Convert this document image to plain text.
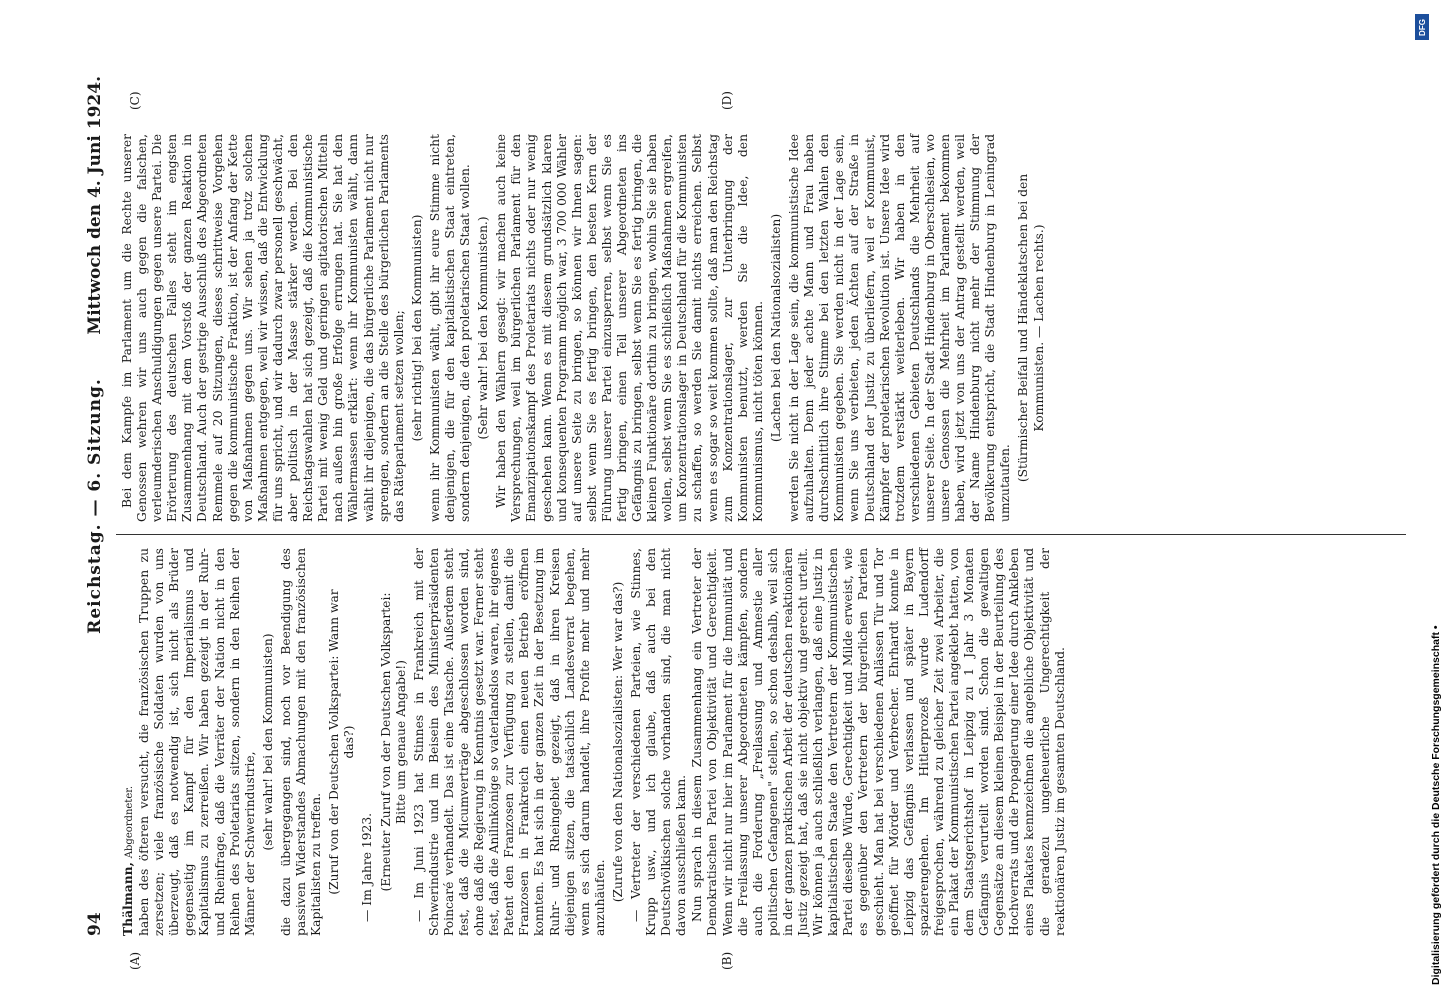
94
Reichstag. — 6. Sitzung.
Mittwoch den 4. Juni 1924.

Thälmann, Abgeordneter. haben des öfteren versucht, die französischen Truppen zu zersetzen; viele französische Soldaten wurden von uns überzeugt, daß es notwendig ist, sich nicht als Brüder gegenseitig im Kampf für den Imperialismus und Kapitalismus zu zerreißen. Wir haben gezeigt in der Ruhr- und Rheinfrage, daß die Verräter der Nation nicht in den Reihen des Proletariats sitzen, sondern in den Reihen der Männer der Schwerindustrie, (sehr wahr! bei den Kommunisten) die dazu übergegangen sind, noch vor Beendigung des passiven Widerstandes Abmachungen mit den französischen Kapitalisten zu treffen. (Zuruf von der Deutschen Volkspartei: Wann war das?)

— Im Jahre 1923. (Erneuter Zuruf von der Deutschen Volkspartei: Bitte um genaue Angabe!) — Im Juni 1923 hat Stinnes in Frankreich mit der Schwerindustrie und im Beisein des Ministerpräsidenten Poincaré verhandelt. Das ist eine Tatsache. Außerdem steht fest, daß die Micumverträge abgeschlossen worden sind, ohne daß die Regierung in Kenntnis gesetzt war. Ferner steht fest, daß die Anilinkönige so vaterlandslos waren, ihr eigenes Patent den Franzosen zur Verfügung zu stellen, damit die Franzosen in Frankreich einen neuen Betrieb eröffnen konnten. Es hat sich in der ganzen Zeit in der Besetzung im Ruhr- und Rheingebiet gezeigt, daß in ihren Kreisen diejenigen sitzen, die tatsächlich Landesverrat begehen, wenn es sich darum handelt, ihre Profite mehr und mehr anzuhäufen. (Zurufe von den Nationalsozialisten: Wer war das?) — Vertreter der verschiedenen Parteien, wie Stinnes, Krupp usw., und ich glaube, daß auch bei den Deutschvölkischen solche vorhanden sind, die man nicht davon ausschließen kann. Nun sprach in diesem Zusammenhang ein Vertreter der Demokratischen Partei von Objektivität und Gerechtigkeit. Wenn wir nicht nur hier im Parlament für die Immunität und die Freilassung unserer Abgeordneten kämpfen, sondern auch die Forderung „Freilassung und Amnestie aller politischen Gefangenen" stellen, so schon deshalb, weil sich in der ganzen praktischen Arbeit der deutschen reaktionären Justiz gezeigt hat, daß sie nicht objektiv und gerecht urteilt. Wir können ja auch schließlich verlangen, daß eine Justiz in kapitalistischen Staate den Vertretern der Kommunistischen Partei dieselbe Würde, Gerechtigkeit und Milde erweist, wie es gegenüber den Vertretern der bürgerlichen Parteien geschieht. Man hat bei verschiedenen Anlässen Tür und Tor geöffnet für Mörder und Verbrecher. Ehrhardt konnte in Leipzig das Gefängnis verlassen und später in Bayern spazierengehen. Im Hitlerprozeß wurde Ludendorff freigesprochen, während zu gleicher Zeit zwei Arbeiter, die ein Plakat der Kommunistischen Partei angeklebt hatten, von dem Staatsgerichtshof in Leipzig zu 1 Jahr 3 Monaten Gefängnis verurteilt worden sind. Schon die gewaltigen Gegensätze an diesem kleinen Beispiel in der Beurteilung des Hochverrats und die Propagierung einer Idee durch Ankleben eines Plakates kennzeichnen die angebliche Objektivität und die geradezu ungeheuerliche Ungerechtigkeit der reaktionären Justiz im gesamten Deutschland.

Bei dem Kampfe im Parlament um die Rechte unserer Genossen wehren wir uns auch gegen die falschen, verleumderischen Anschuldigungen gegen unsere Partei. Die Erörterung des deutschen Falles steht im engsten Zusammenhang mit dem Vorstoß der ganzen Reaktion in Deutschland. Auch der gestrige Ausschluß des Abgeordneten Remmele auf 20 Sitzungen, dieses schrittweise Vorgehen gegen die kommunistische Fraktion, ist der Anfang der Kette von Maßnahmen gegen uns. Wir sehen ja trotz solchen Maßnahmen entgegen, weil wir wissen, daß die Entwicklung für uns spricht, und wir dadurch zwar personell geschwächt, aber politisch in der Masse stärker werden. Bei den Reichstagswahlen hat sich gezeigt, daß die Kommunistische Partei mit wenig Geld und geringen agitatorischen Mitteln nach außen hin große Erfolge errungen hat. Sie hat den Wählermassen erklärt: wenn ihr Kommunisten wählt, dann wählt ihr diejenigen, die das bürgerliche Parlament nicht nur sprengen, sondern an die Stelle des bürgerlichen Parlaments das Räteparlament setzen wollen; (sehr richtig! bei den Kommunisten) wenn ihr Kommunisten wählt, gibt ihr eure Stimme nicht denjenigen, die für den kapitalistischen Staat eintreten, sondern denjenigen, die den proletarischen Staat wollen. (Sehr wahr! bei den Kommunisten.) Wir haben den Wählern gesagt: wir machen auch keine Versprechungen, weil im bürgerlichen Parlament für den Emanzipationskampf des Proletariats nichts oder nur wenig geschehen kann. Wenn es mit diesem grundsätzlich klaren und konsequenten Programm möglich war, 3 700 000 Wähler auf unsere Seite zu bringen, so können wir Ihnen sagen: selbst wenn Sie es fertig bringen, den besten Kern der Führung unserer Partei einzusperren, selbst wenn Sie es fertig bringen, einen Teil unserer Abgeordneten ins Gefängnis zu bringen, selbst wenn Sie es fertig bringen, die kleinen Funktionäre dorthin zu bringen, wohin Sie sie haben wollen, selbst wenn Sie es schließlich Maßnahmen ergreifen, um Konzentrationslager in Deutschland für die Kommunisten zu schaffen, so werden Sie damit nichts erreichen. Selbst wenn es sogar so weit kommen sollte, daß man den Reichstag zum Konzentrationslager, zur Unterbringung der Kommunisten benutzt, werden Sie die Idee, den Kommunismus, nicht töten können. (Lachen bei den Nationalsozialisten) werden Sie nicht in der Lage sein, die kommunistische Idee aufzuhalten. Denn jeder achte Mann und Frau haben durchschnittlich ihre Stimme bei den letzten Wahlen den Kommunisten gegeben. Sie werden nicht in der Lage sein, wenn Sie uns verbieten, jeden Ächten auf der Straße in Deutschland der Justiz zu überliefern, weil er Kommunist, Kämpfer der proletarischen Revolution ist. Unsere Idee wird trotzdem verstärkt weiterleben. Wir haben in den verschiedenen Gebieten Deutschlands die Mehrheit auf unserer Seite. In der Stadt Hindenburg in Oberschlesien, wo unsere Genossen die Mehrheit im Parlament bekommen haben, wird jetzt von uns der Antrag gestellt werden, weil der Name Hindenburg nicht mehr der Stimmung der Bevölkerung entspricht, die Stadt Hindenburg in Leningrad umzutaufen.

(Stürmischer Beifall und Händeklatschen bei den Kommunisten. — Lachen rechts.)

(A)	(B)
(C)	(D)
DFG
Digitalisierung gefördert durch die Deutsche Forschungsgemeinschaft •
